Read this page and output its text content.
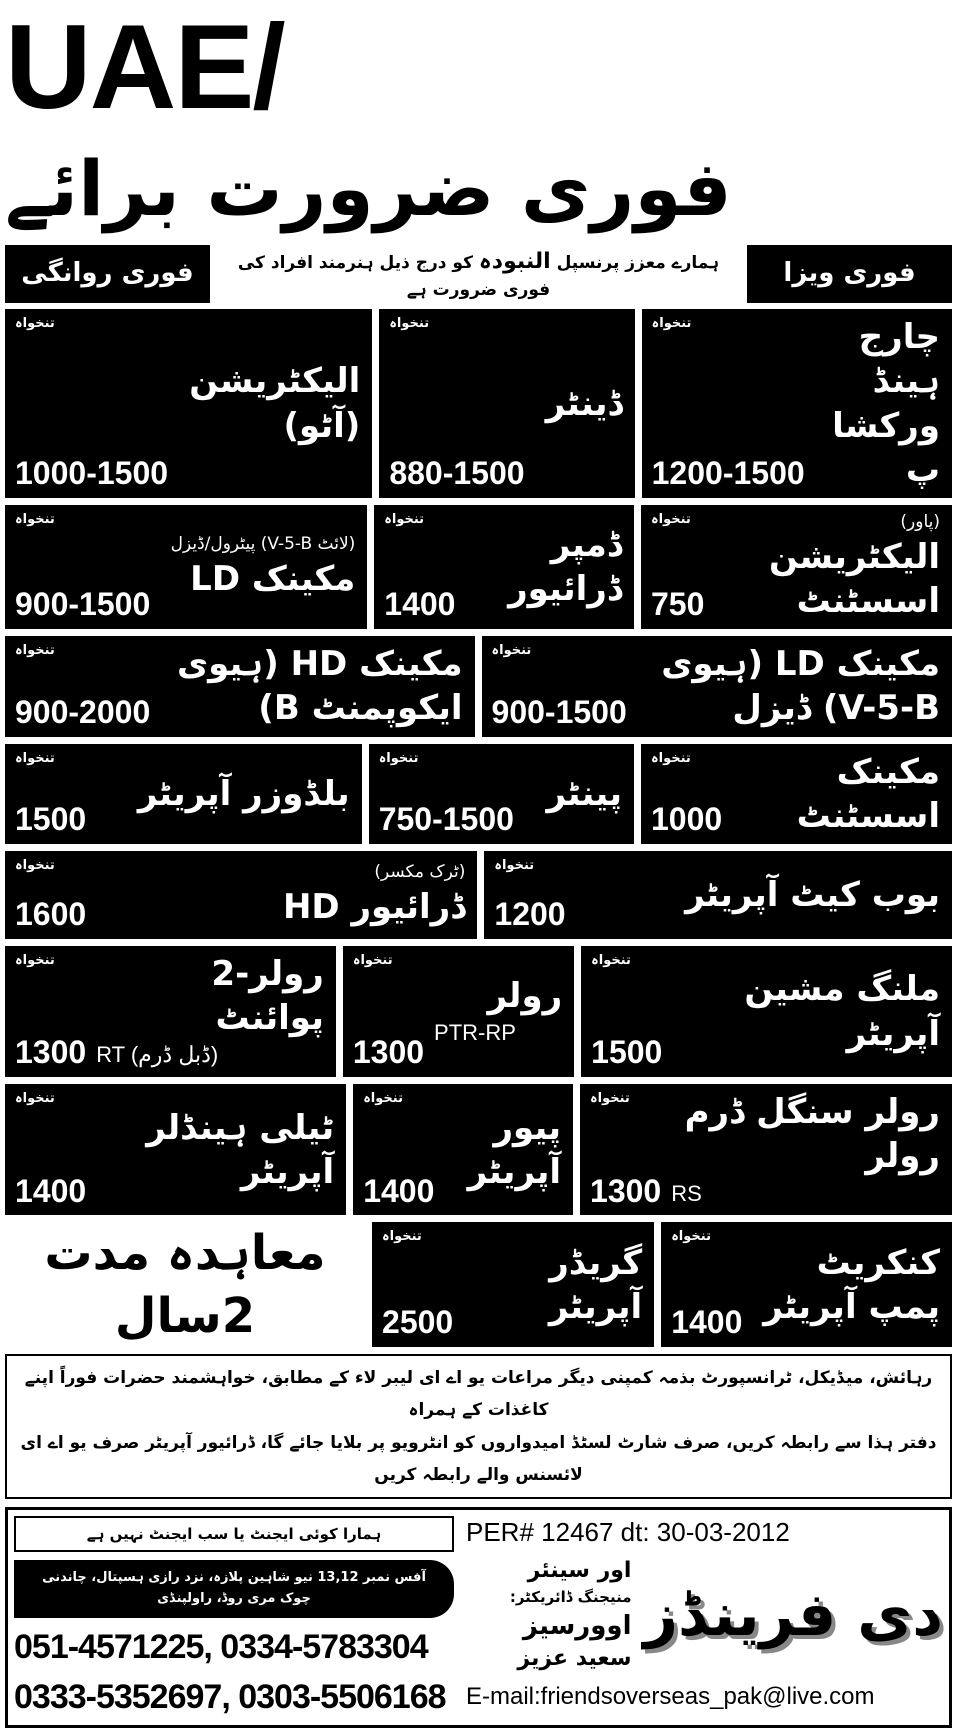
UAE/
فوری ضرورت برائے
فوری ویزا
ہمارے معزز پرنسپل النبودہ کو درج ذیل ہنرمند افراد کی فوری ضرورت ہے
فوری روانگی
تنخواہ
1200-1500
چارج ہینڈ ورکشاپ
تنخواہ
880-1500
ڈینٹر
تنخواہ
1000-1500
الیکٹریشن (آٹو)
تنخواہ
750
(پاور)
الیکٹریشن اسسٹنٹ
تنخواہ
1400
ڈمپر ڈرائیور
تنخواہ
900-1500
(لائٹ V-5-B) پیٹرول/ڈیزل
مکینک LD
تنخواہ
900-1500
مکینک LD (ہیوی V-5-B) ڈیزل
تنخواہ
900-2000
مکینک HD (ہیوی ایکوپمنٹ B)
تنخواہ
1000
مکینک اسسٹنٹ
تنخواہ
750-1500
پینٹر
تنخواہ
1500
بلڈوزر آپریٹر
تنخواہ
1200	بوب کیٹ آپریٹر
تنخواہ
1600
(ٹرک مکسر)
ڈرائیور HD
تنخواہ
1500
ملنگ مشین آپریٹر
تنخواہ
1300
رولر
PTR-RP
تنخواہ
1300
رولر-2 پوائنٹ
RT (ڈبل ڈرم)
تنخواہ
1300
رولر سنگل ڈرم رولر
RS
تنخواہ
1400
پیور آپریٹر
تنخواہ
1400
ٹیلی ہینڈلر آپریٹر
تنخواہ
1400
کنکریٹ پمپ آپریٹر
تنخواہ
2500
گریڈر آپریٹر
معاہدہ مدت 2سال
رہائش، میڈیکل، ٹرانسپورٹ بذمہ کمپنی دیگر مراعات یو اے ای لیبر لاء کے مطابق، خواہشمند حضرات فوراً اپنے کاغذات کے ہمراہ
دفتر ہذا سے رابطہ کریں، صرف شارٹ لسٹڈ امیدواروں کو انٹرویو پر بلایا جائے گا، ڈرائیور آپریٹر صرف یو اے ای لائسنس والے رابطہ کریں
ہمارا کوئی ایجنٹ یا سب ایجنٹ نہیں ہے
آفس نمبر 13,12 نیو شاہین پلازہ، نزد رازی ہسپتال، چاندنی چوک مری روڈ، راولپنڈی
051-4571225, 0334-5783304
0333-5352697, 0303-5506168
PER# 12467 dt: 30-03-2012
دی فرینڈز
اور سینئر
منیجنگ ڈائریکٹر:
اوورسیز
سعید عزیز
E-mail:friendsoverseas_pak@live.com
